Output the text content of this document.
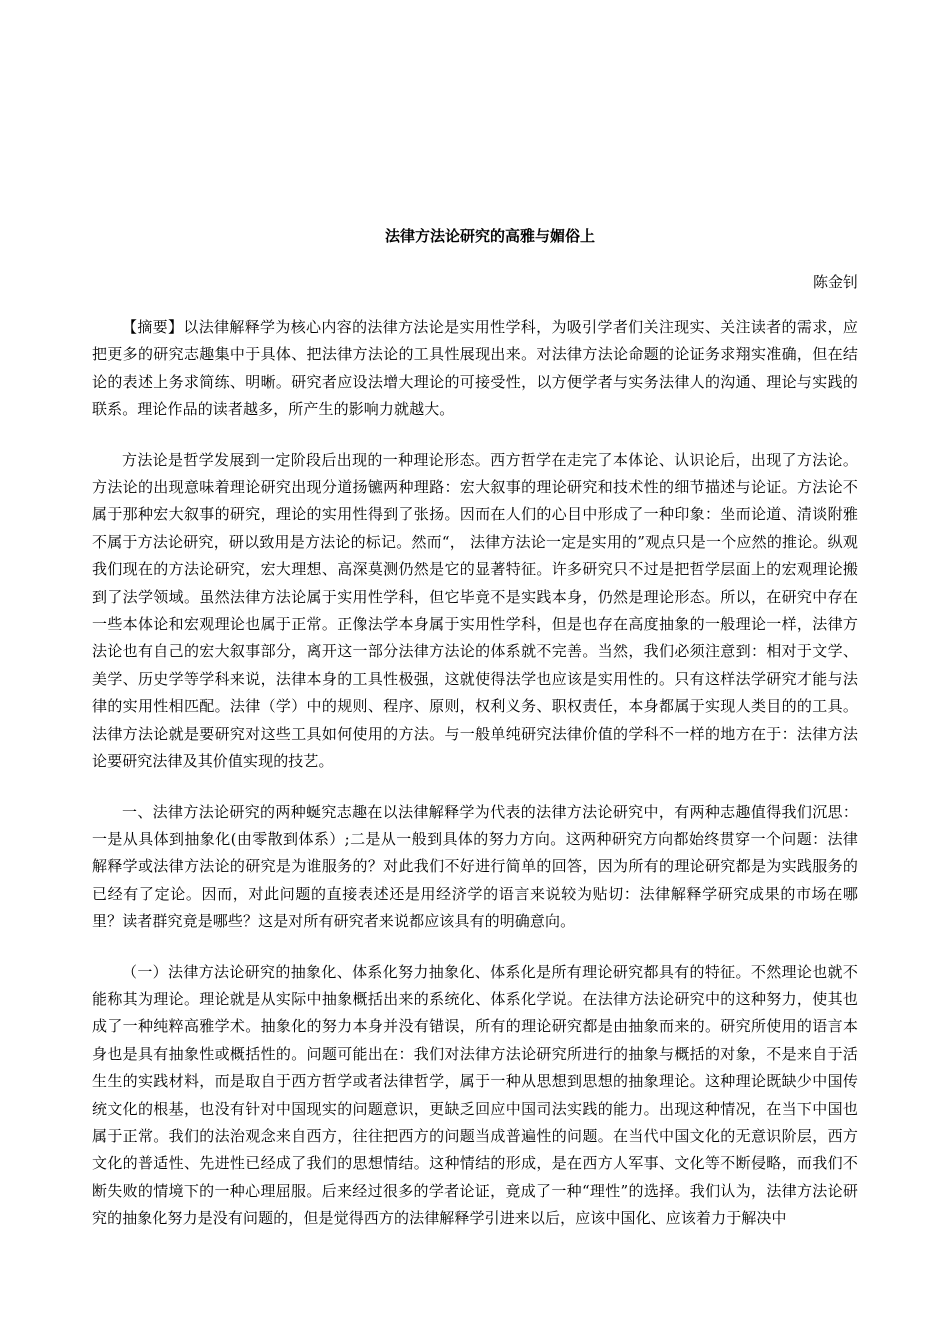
法律方法论研究的高雅与媚俗上
陈金钊

【摘要】以法律解释学为核心内容的法律方法论是实用性学科，为吸引学者们关注现实、关注读者的需求，应把更多的研究志趣集中于具体、把法律方法论的工具性展现出来。对法律方法论命题的论证务求翔实准确，但在结论的表述上务求简练、明晰。研究者应设法增大理论的可接受性，以方便学者与实务法律人的沟通、理论与实践的联系。理论作品的读者越多，所产生的影响力就越大。

方法论是哲学发展到一定阶段后出现的一种理论形态。西方哲学在走完了本体论、认识论后，出现了方法论。方法论的出现意味着理论研究出现分道扬镳两种理路：宏大叙事的理论研究和技术性的细节描述与论证。方法论不属于那种宏大叙事的研究，理论的实用性得到了张扬。因而在人们的心目中形成了一种印象：坐而论道、清谈附雅不属于方法论研究，研以致用是方法论的标记。然而“， 法律方法论一定是实用的”观点只是一个应然的推论。纵观我们现在的方法论研究，宏大理想、高深莫测仍然是它的显著特征。许多研究只不过是把哲学层面上的宏观理论搬到了法学领域。虽然法律方法论属于实用性学科，但它毕竟不是实践本身，仍然是理论形态。所以，在研究中存在一些本体论和宏观理论也属于正常。正像法学本身属于实用性学科，但是也存在高度抽象的一般理论一样，法律方法论也有自己的宏大叙事部分，离开这一部分法律方法论的体系就不完善。当然，我们必须注意到：相对于文学、美学、历史学等学科来说，法律本身的工具性极强，这就使得法学也应该是实用性的。只有这样法学研究才能与法律的实用性相匹配。法律（学）中的规则、程序、原则，权利义务、职权责任，本身都属于实现人类目的的工具。法律方法论就是要研究对这些工具如何使用的方法。与一般单纯研究法律价值的学科不一样的地方在于：法律方法论要研究法律及其价值实现的技艺。

一、法律方法论研究的两种蜒究志趣在以法律解释学为代表的法律方法论研究中，有两种志趣值得我们沉思：一是从具体到抽象化(由零散到体系）;二是从一般到具体的努力方向。这两种研究方向都始终贯穿一个问题：法律解释学或法律方法论的研究是为谁服务的？对此我们不好进行简单的回答，因为所有的理论研究都是为实践服务的已经有了定论。因而，对此问题的直接表述还是用经济学的语言来说较为贴切：法律解释学研究成果的市场在哪里？读者群究竟是哪些？这是对所有研究者来说都应该具有的明确意向。

（一）法律方法论研究的抽象化、体系化努力抽象化、体系化是所有理论研究都具有的特征。不然理论也就不能称其为理论。理论就是从实际中抽象概括出来的系统化、体系化学说。在法律方法论研究中的这种努力，使其也成了一种纯粹高雅学术。抽象化的努力本身并没有错误，所有的理论研究都是由抽象而来的。研究所使用的语言本身也是具有抽象性或概括性的。问题可能出在：我们对法律方法论研究所进行的抽象与概括的对象，不是来自于活生生的实践材料，而是取自于西方哲学或者法律哲学，属于一种从思想到思想的抽象理论。这种理论既缺少中国传统文化的根基，也没有针对中国现实的问题意识，更缺乏回应中国司法实践的能力。出现这种情况，在当下中国也属于正常。我们的法治观念来自西方，往往把西方的问题当成普遍性的问题。在当代中国文化的无意识阶层，西方文化的普适性、先进性已经成了我们的思想情结。这种情结的形成，是在西方人军事、文化等不断侵略，而我们不断失败的情境下的一种心理屈服。后来经过很多的学者论证，竟成了一种“理性”的选择。我们认为，法律方法论研究的抽象化努力是没有问题的，但是觉得西方的法律解释学引进来以后，应该中国化、应该着力于解决中
